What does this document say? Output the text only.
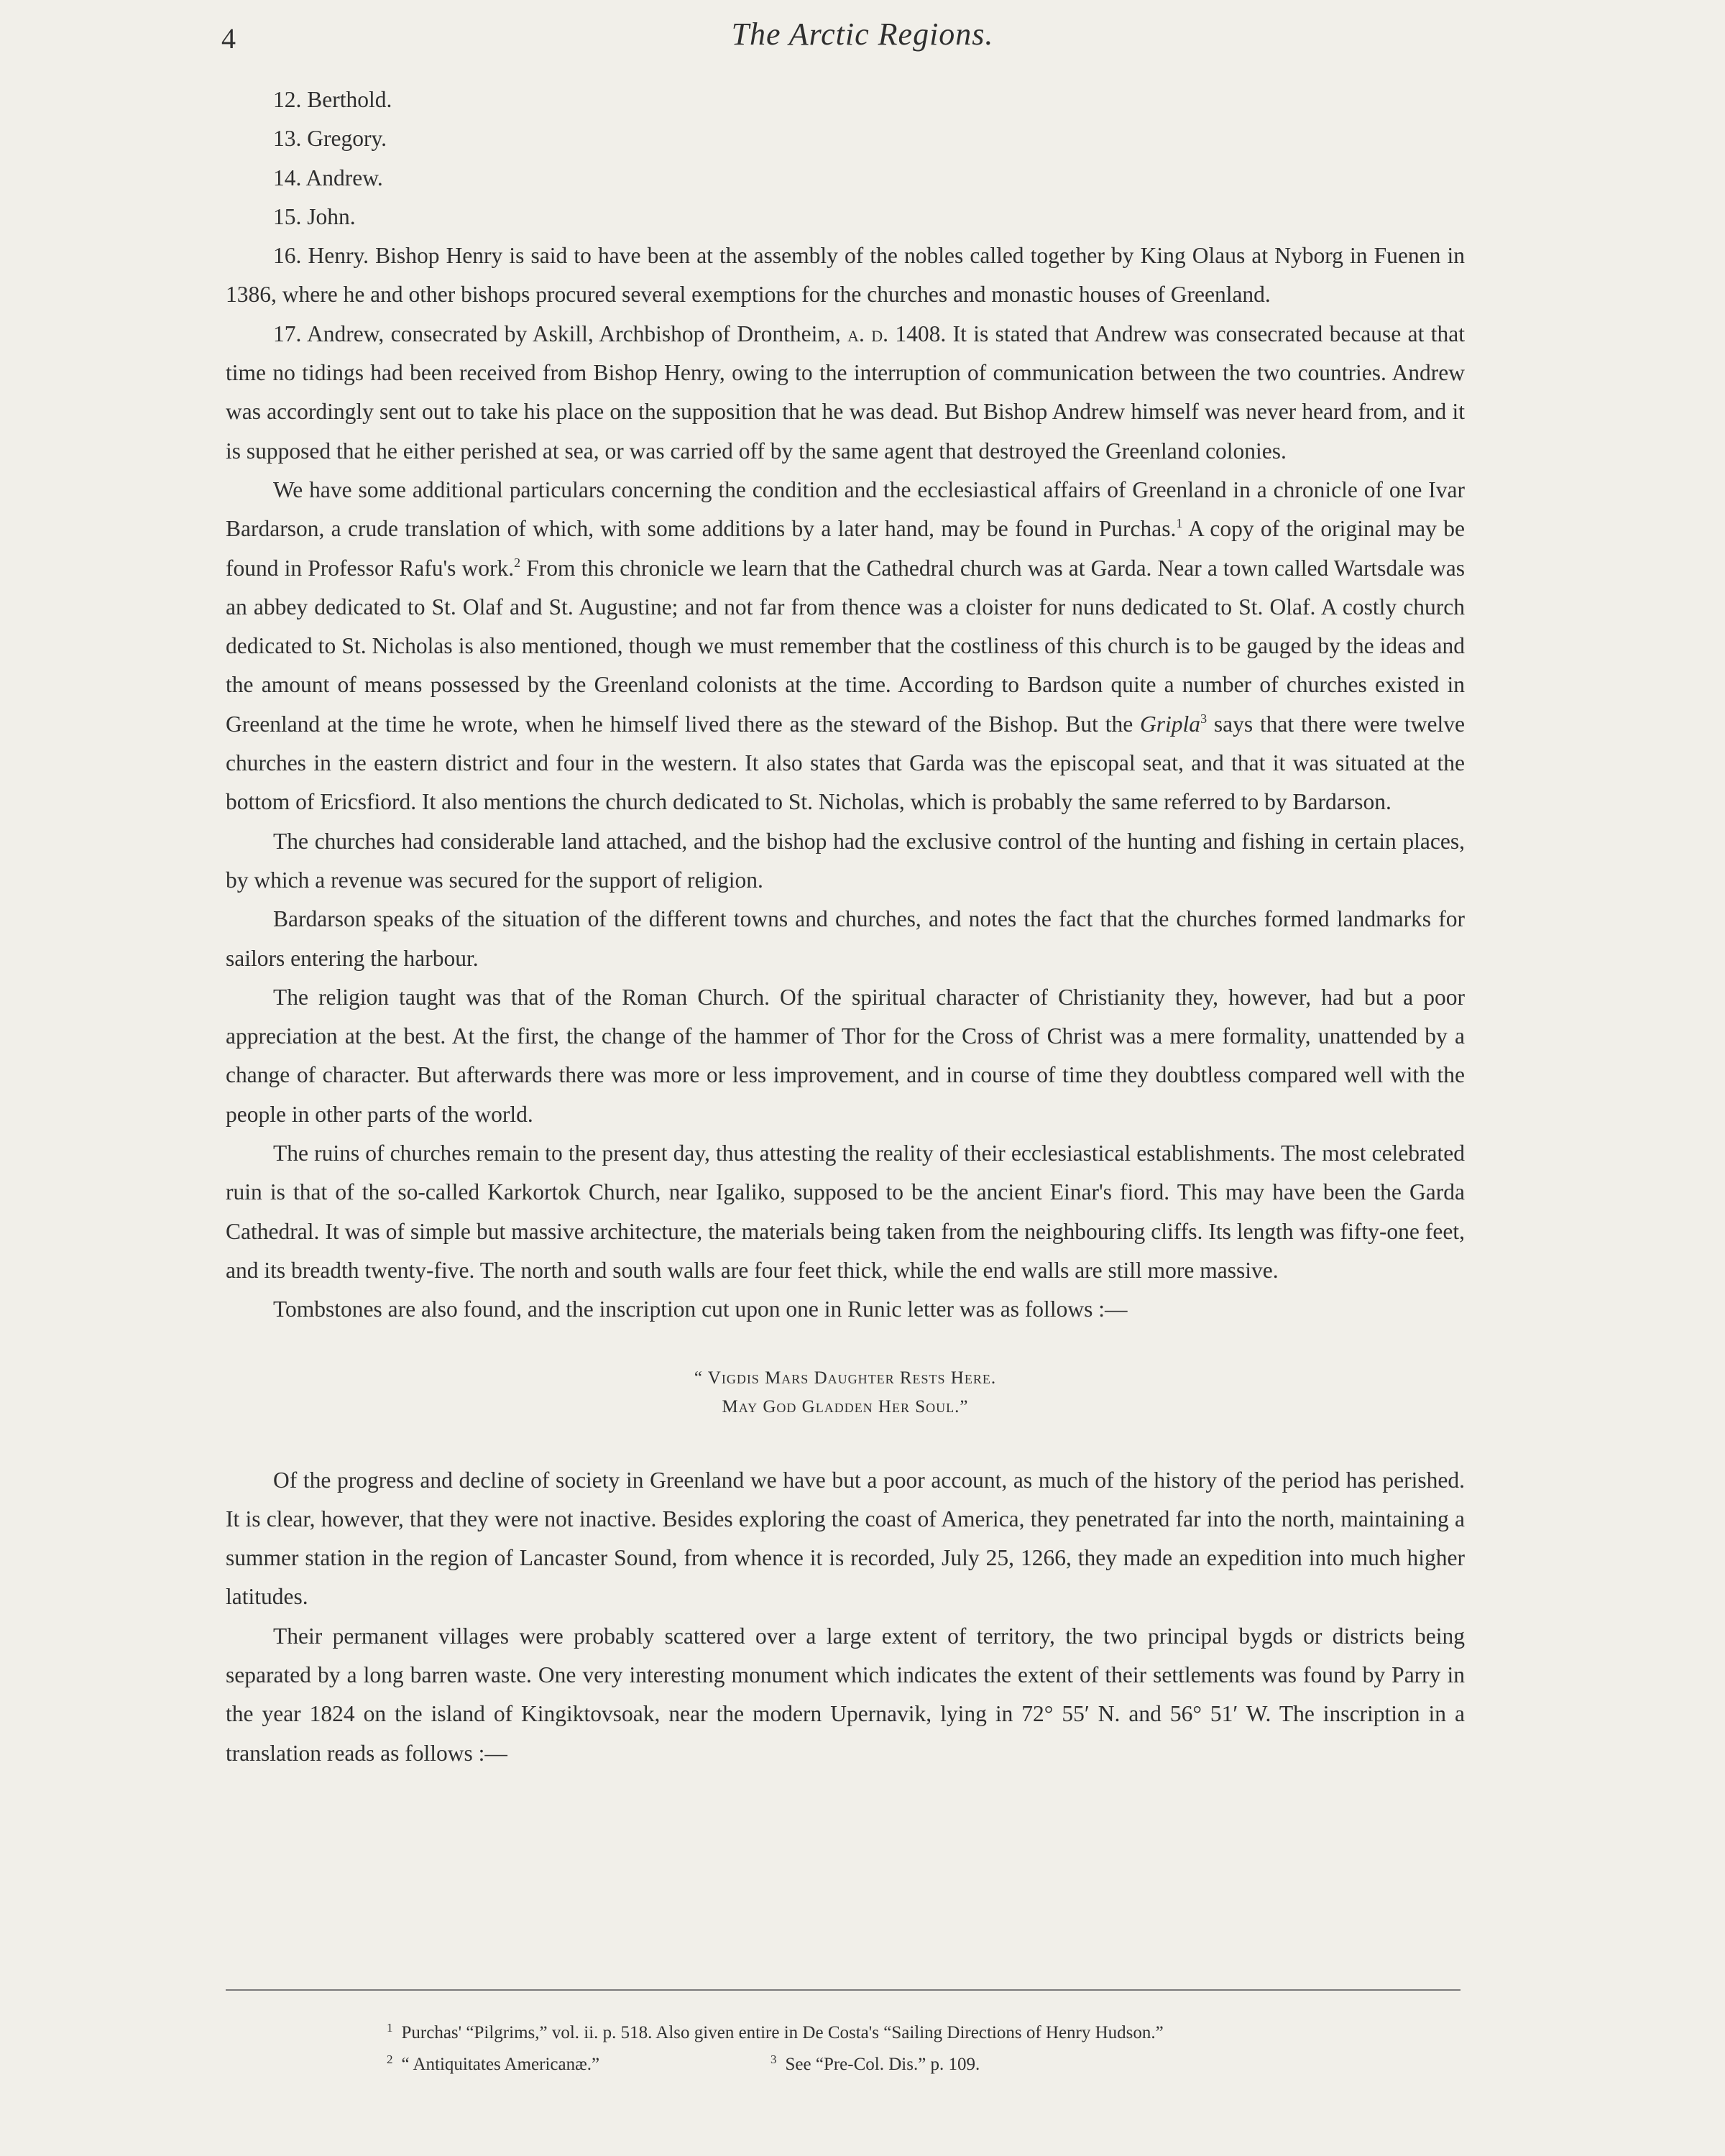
4	The Arctic Regions.
12. Berthold.
13. Gregory.
14. Andrew.
15. John.

16. Henry. Bishop Henry is said to have been at the assembly of the nobles called together by King Olaus at Nyborg in Fuenen in 1386, where he and other bishops procured several exemptions for the churches and monastic houses of Greenland.

17. Andrew, consecrated by Askill, Archbishop of Drontheim, a. d. 1408. It is stated that Andrew was consecrated because at that time no tidings had been received from Bishop Henry, owing to the interruption of communication between the two countries. Andrew was accordingly sent out to take his place on the supposition that he was dead. But Bishop Andrew himself was never heard from, and it is supposed that he either perished at sea, or was carried off by the same agent that destroyed the Greenland colonies.

We have some additional particulars concerning the condition and the ecclesiastical affairs of Greenland in a chronicle of one Ivar Bardarson, a crude translation of which, with some additions by a later hand, may be found in Purchas.$^1$ A copy of the original may be found in Professor Rafu's work.$^2$ From this chronicle we learn that the Cathedral church was at Garda. Near a town called Wartsdale was an abbey dedicated to St. Olaf and St. Augustine; and not far from thence was a cloister for nuns dedicated to St. Olaf. A costly church dedicated to St. Nicholas is also mentioned, though we must remember that the costliness of this church is to be gauged by the ideas and the amount of means possessed by the Greenland colonists at the time. According to Bardson quite a number of churches existed in Greenland at the time he wrote, when he himself lived there as the steward of the Bishop. But the Gripla$^3$ says that there were twelve churches in the eastern district and four in the western. It also states that Garda was the episcopal seat, and that it was situated at the bottom of Ericsfiord. It also mentions the church dedicated to St. Nicholas, which is probably the same referred to by Bardarson.

The churches had considerable land attached, and the bishop had the exclusive control of the hunting and fishing in certain places, by which a revenue was secured for the support of religion.

Bardarson speaks of the situation of the different towns and churches, and notes the fact that the churches formed landmarks for sailors entering the harbour.

The religion taught was that of the Roman Church. Of the spiritual character of Christianity they, however, had but a poor appreciation at the best. At the first, the change of the hammer of Thor for the Cross of Christ was a mere formality, unattended by a change of character. But afterwards there was more or less improvement, and in course of time they doubtless compared well with the people in other parts of the world.

The ruins of churches remain to the present day, thus attesting the reality of their ecclesiastical establishments. The most celebrated ruin is that of the so-called Karkortok Church, near Igaliko, supposed to be the ancient Einar's fiord. This may have been the Garda Cathedral. It was of simple but massive architecture, the materials being taken from the neighbouring cliffs. Its length was fifty-one feet, and its breadth twenty-five. The north and south walls are four feet thick, while the end walls are still more massive.

Tombstones are also found, and the inscription cut upon one in Runic letter was as follows :—

“ Vigdis Mars Daughter Rests Here.
May God Gladden Her Soul.”

Of the progress and decline of society in Greenland we have but a poor account, as much of the history of the period has perished. It is clear, however, that they were not inactive. Besides exploring the coast of America, they penetrated far into the north, maintaining a summer station in the region of Lancaster Sound, from whence it is recorded, July 25, 1266, they made an expedition into much higher latitudes.

Their permanent villages were probably scattered over a large extent of territory, the two principal bygds or districts being separated by a long barren waste. One very interesting monument which indicates the extent of their settlements was found by Parry in the year 1824 on the island of Kingiktovsoak, near the modern Upernavik, lying in 72° 55′ N. and 56° 51′ W. The inscription in a translation reads as follows :—

$^1$ Purchas' “Pilgrims,” vol. ii. p. 518. Also given entire in De Costa's “Sailing Directions of Henry Hudson.”
$^2$ “ Antiquitates Americanæ.”	$^3$ See “Pre-Col. Dis.” p. 109.
